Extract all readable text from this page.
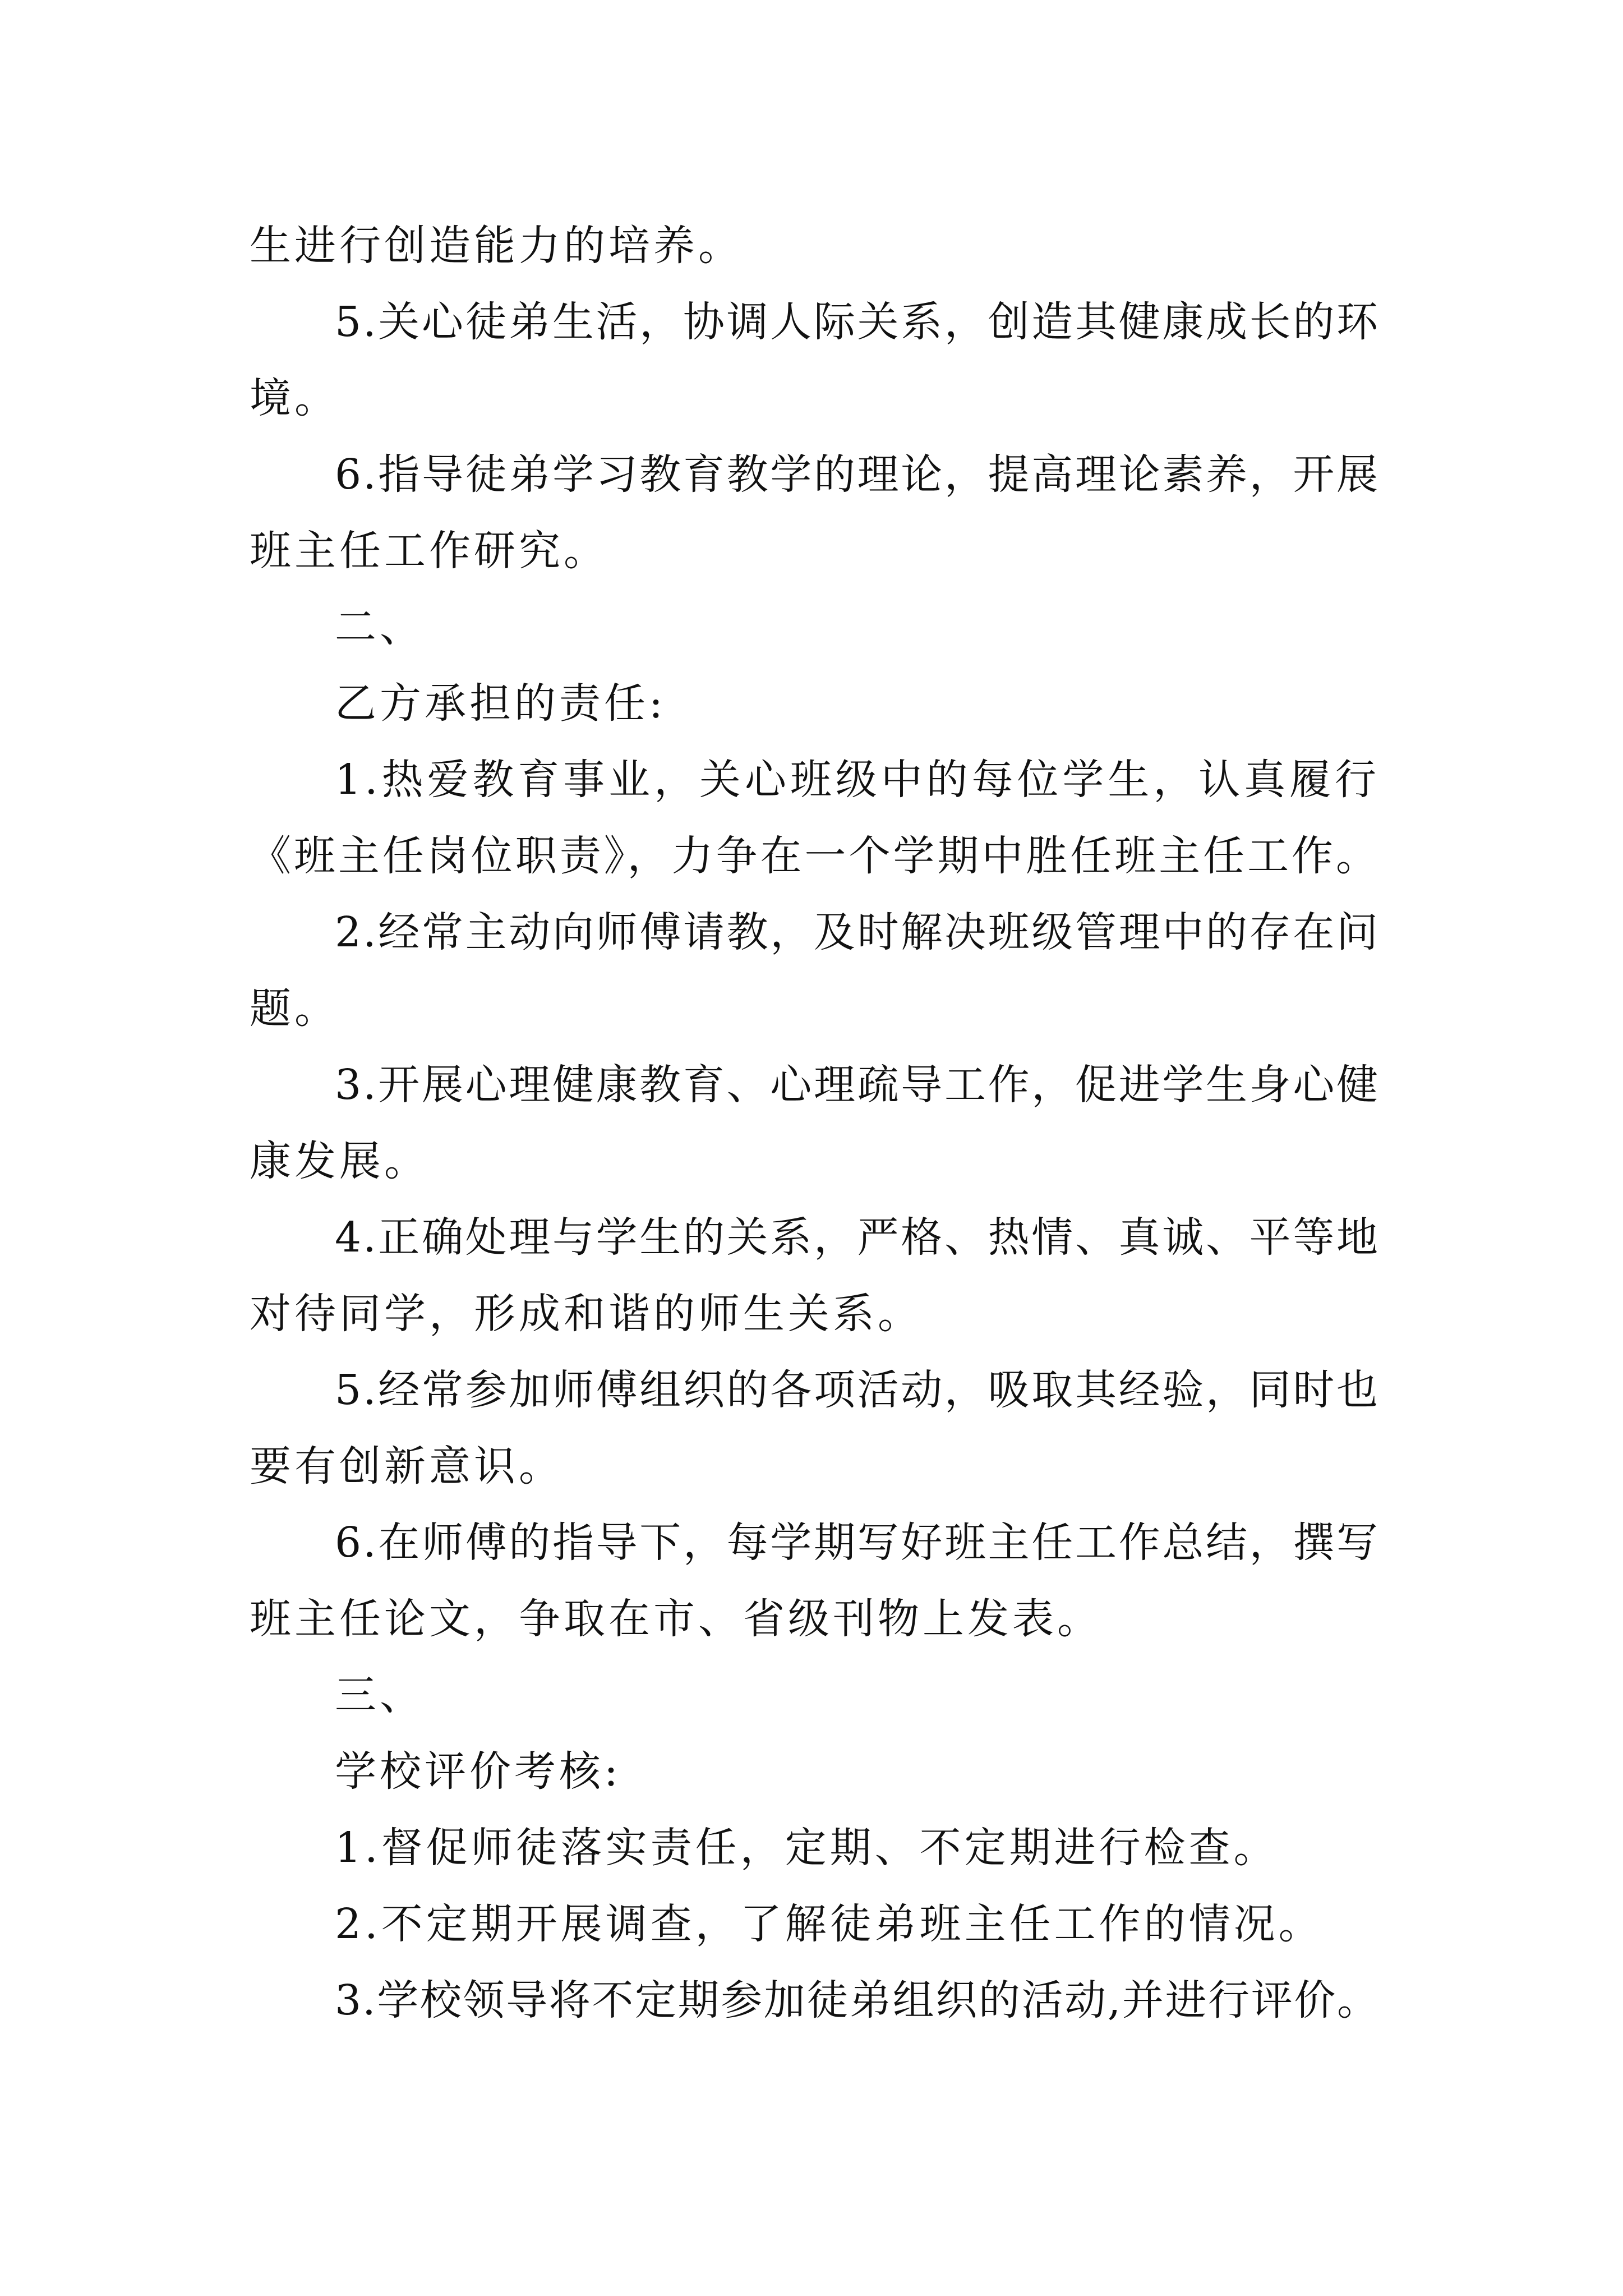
生进行创造能力的培养。
5.关心徒弟生活，协调人际关系，创造其健康成长的环
境。
6.指导徒弟学习教育教学的理论，提高理论素养，开展
班主任工作研究。
二、
乙方承担的责任:
1.热爱教育事业，关心班级中的每位学生，认真履行
《班主任岗位职责》，力争在一个学期中胜任班主任工作。
2.经常主动向师傅请教，及时解决班级管理中的存在问
题。
3.开展心理健康教育、心理疏导工作，促进学生身心健
康发展。
4.正确处理与学生的关系，严格、热情、真诚、平等地
对待同学，形成和谐的师生关系。
5.经常参加师傅组织的各项活动，吸取其经验，同时也
要有创新意识。
6.在师傅的指导下，每学期写好班主任工作总结，撰写
班主任论文，争取在市、省级刊物上发表。
三、
学校评价考核:
1.督促师徒落实责任，定期、不定期进行检查。
2.不定期开展调查，了解徒弟班主任工作的情况。
3.学校领导将不定期参加徒弟组织的活动,并进行评价。
